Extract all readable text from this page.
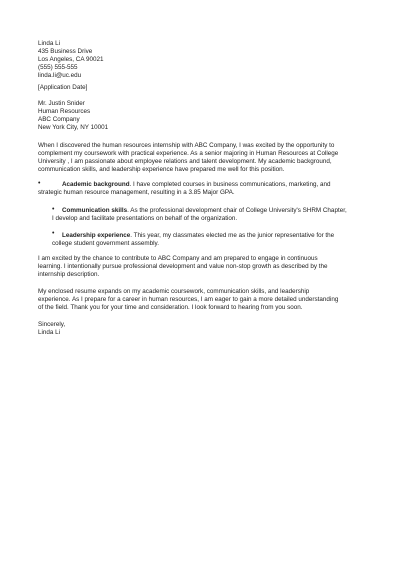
Linda Li
435 Business Drive
Los Angeles, CA 90021
(555) 555-555
linda.li@uc.edu
[Application Date]
Mr. Justin Snider
Human Resources
ABC Company
New York City, NY 10001
When I discovered the human resources internship with ABC Company, I was excited by the opportunity to
complement my coursework with practical experience. As a senior majoring in Human Resources at College
University , I am passionate about employee relations and talent development. My academic background,
communication skills, and leadership experience have prepared me well for this position.
•	Academic background. I have completed courses in business communications, marketing, and
strategic human resource management, resulting in a 3.85 Major GPA.
•	Communication skills. As the professional development chair of College University's SHRM Chapter,
I develop and facilitate presentations on behalf of the organization.
•	Leadership experience. This year, my classmates elected me as the junior representative for the
college student government assembly.
I am excited by the chance to contribute to ABC Company and am prepared to engage in continuous
learning. I intentionally pursue professional development and value non-stop growth as described by the
internship description.
My enclosed resume expands on my academic coursework, communication skills, and leadership
experience. As I prepare for a career in human resources, I am eager to gain a more detailed understanding
of the field. Thank you for your time and consideration. I look forward to hearing from you soon.
Sincerely,
Linda Li
